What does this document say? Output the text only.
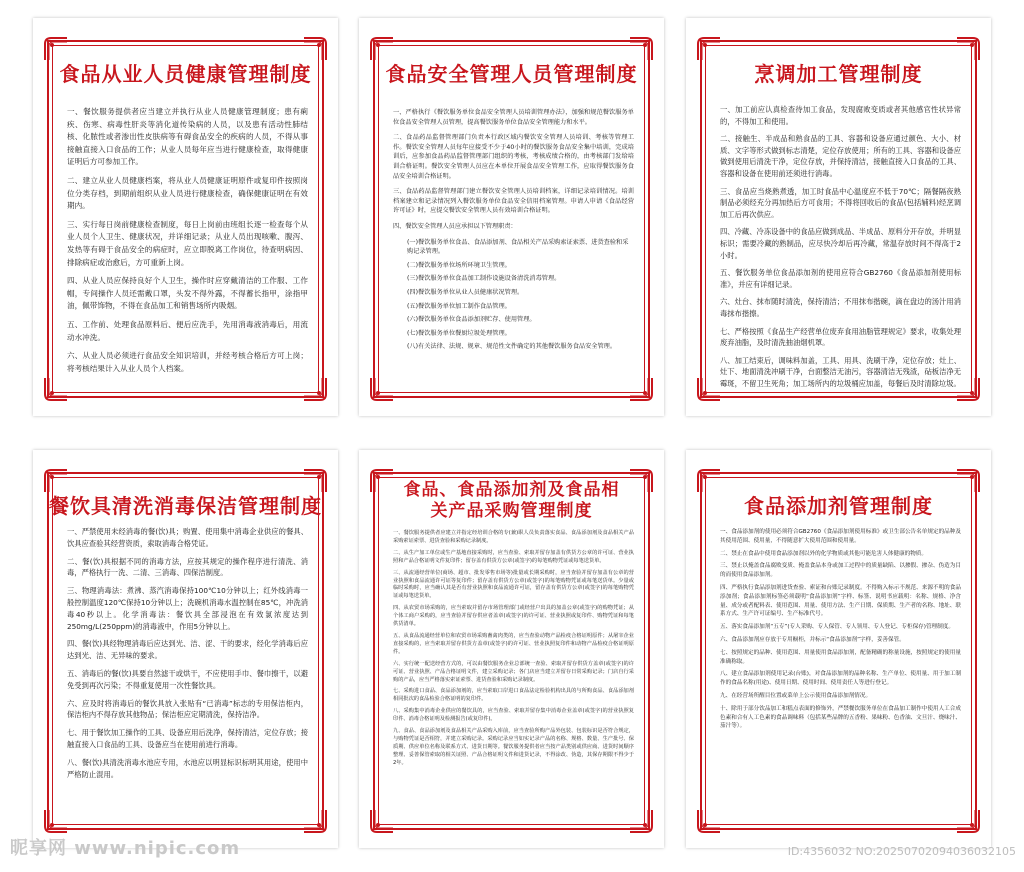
食品从业人员健康管理制度
一、餐饮服务提供者应当建立并执行从业人员健康管理制度；患有痢疾、伤寒、病毒性肝炎等消化道传染病的人员，以及患有活动性肺结核、化脓性或者渗出性皮肤病等有碍食品安全的疾病的人员，不得从事接触直接入口食品的工作；从业人员每年应当进行健康检查，取得健康证明后方可参加工作。
二、建立从业人员健康档案，将从业人员健康证明原件或复印件按照岗位分类存档，到期前组织从业人员进行健康检查，确保健康证明在有效期内。
三、实行每日岗前健康检查制度，每日上岗前由班组长逐一检查每个从业人员个人卫生、健康状况，并详细记录；从业人员出现咳嗽、腹泻、发热等有碍于食品安全的病症时，应立即脱离工作岗位，待查明病因、排除病症或治愈后，方可重新上岗。
四、从业人员应保持良好个人卫生，操作时应穿戴清洁的工作服、工作帽，专间操作人员还需戴口罩，头发不得外露，不得蓄长指甲，涂指甲油，佩带饰物，不得在食品加工和销售场所内吸烟。
五、工作前、处理食品原料后、便后应洗手，先用消毒液消毒后，用流动水冲洗。
六、从业人员必须进行食品安全知识培训，并经考核合格后方可上岗；将考核结果计入从业人员个人档案。
食品安全管理人员管理制度
一、严格执行《餐饮服务单位食品安全管理人员培训管理办法》，加强和规范餐饮服务单位食品安全管理人员管理，提高餐饮服务单位食品安全管理能力和水平。
二、食品药品监督管理部门负责本行政区域内餐饮安全管理人员培训、考核等管理工作。餐饮安全管理人员每年应接受不少于40小时的餐饮服务食品安全集中培训，完成培训后，应参加食品药品监督管理部门组织的考核，考核成绩合格的，由考核部门发给培训合格证明。餐饮安全管理人员应在本单位开展食品安全管理工作，应取得餐饮服务食品安全培训合格证明。
三、食品药品监督管理部门建立餐饮安全管理人员培训档案，详细记录培训情况。培训档案建立和记录情况列入餐饮服务单位食品安全信用档案管理。申请人申请《食品经营许可证》时，应提交餐饮安全管理人员有效培训合格证明。
四、餐饮安全管理人员应承担以下管理职责：
(一)餐饮服务单位食品、食品添加剂、食品相关产品采购索证索票、进货查验和采购记录管理。
(二)餐饮服务单位场所环境卫生管理。
(三)餐饮服务单位食品加工制作设施设备清洗消毒管理。
(四)餐饮服务单位从业人员健康状况管理。
(五)餐饮服务单位加工制作食品管理。
(六)餐饮服务单位食品添加剂贮存、使用管理。
(七)餐饮服务单位餐厨垃圾处理管理。
(八)有关法律、法规、规章、规范性文件确定的其他餐饮服务食品安全管理。
烹调加工管理制度
一、加工前应认真检查待加工食品，发现腐败变质或者其他感官性状异常的，不得加工和使用。
二、接触生、半成品和熟食品的工具、容器和设备应通过颜色、大小、材质、文字等形式做到标志清楚，定位存放使用；所有的工具、容器和设备应做到使用后清洗干净，定位存放，并保持清洁，接触直接入口食品的工具、容器和设备在使用前还须进行消毒。
三、食品应当烧熟煮透，加工时食品中心温度应不低于70℃；隔餐隔夜熟制品必须经充分再加热后方可食用；不得将回收后的食品(包括辅料)经烹调加工后再次供应。
四、冷藏、冷冻设备中的食品应做到成品、半成品、原料分开存放，并明显标识；需要冷藏的熟制品，应尽快冷却后再冷藏，常温存放时间不得高于2小时。
五、餐饮服务单位食品添加剂的使用应符合GB2760《食品添加剂使用标准》，并应有详细记录。
六、灶台、抹布随时清洗，保持清洁；不用抹布揩碗，滴在盘边的汤汁用消毒抹布揩擦。
七、严格按照《食品生产经营单位废弃食用油脂管理规定》要求，收集处理废弃油脂，及时清洗抽油烟机罩。
八、加工结束后，调味料加盖，工具、用具、洗刷干净，定位存放；灶上、灶下、地面清洗冲刷干净，台面整洁无油污，容器清洁无残渣，砧板洁净无霉斑，不留卫生死角；加工场所内的垃圾桶应加盖，每餐后及时清除垃圾。
餐饮具清洗消毒保洁管理制度
一、严禁使用未经消毒的餐(饮)具；购置、使用集中消毒企业供应的餐具、饮具应查验其经营资质，索取消毒合格凭证。
二、餐(饮)具根据不同的消毒方法，应按其规定的操作程序进行清洗、消毒，严格执行一洗、二清、三消毒、四保洁制度。
三、物理消毒法：煮沸、蒸汽消毒保持100℃10分钟以上；红外线消毒一般控制温度120℃保持10分钟以上；洗碗机消毒水温控制在85℃，冲洗消毒40秒以上。化学消毒法：餐饮具全部浸泡在有效氯浓度达到250mg/L(250ppm)的消毒液中，作用5分钟以上。
四、餐(饮)具经物理消毒后应达到光、洁、涩、干的要求，经化学消毒后应达到光、洁、无异味的要求。
五、消毒后的餐(饮)具要自然滤干或烘干，不应使用手巾、餐巾擦干，以避免受到再次污染；不得重复使用一次性餐饮具。
六、应及时将消毒后的餐饮具放入张贴有“已消毒”标志的专用保洁柜内，保洁柜内不得存放其他物品；保洁柜应定期清洗，保持洁净。
七、用于餐饮加工操作的工具、设备应用后洗净，保持清洁，定位存放；接触直接入口食品的工具、设备应当在使用前进行消毒。
八、餐(饮)具清洗消毒水池应专用，水池应以明显标识标明其用途，使用中严格防止混用。
食品、食品添加剂及食品相关产品采购管理制度
一、餐饮服务提供者应建立并指定经培训合格的专(兼)职人员负责落实食品、食品添加剂及食品相关产品采购索证索票、进货查验和采购记录制度。
二、从生产加工单位或生产基地直接采购时，应当查验、索取并留存加盖有供货方公章的许可证、营业执照和产品合格证明文件复印件；留存盖有供货方公章(或签字)的每笔购物凭证或每笔送货单。
三、从流通经营单位(商场、超市、批发零售市场等)批量或长期采购时，应当查验并留存加盖有公章的营业执照和食品流通许可证等复印件；留存盖有供货方公章(或签字)的每笔购物凭证或每笔送货单。少量或临时采购时，应当确认其是否有营业执照和食品流通许可证，留存盖有供货方公章(或签字)的每笔购物凭证或每笔送货单。
四、从农贸市场采购的，应当索取并留存市场管理部门或经营户出具的加盖公章(或签字)的购物凭证；从个体工商户采购的，应当查验并留存供应者盖章(或签字)的许可证、营业执照或复印件、购物凭证和每笔供货清单。
五、从食品流通经营单位和农贸市场采购畜禽肉类的，应当查验动物产品检疫合格证明原件；从屠宰企业直接采购的，应当索取并留存供货方盖章(或签字)的许可证、营业执照复印件和动物产品检疫合格证明原件。
六、实行统一配送经营方式的，可以由餐饮服务企业总部统一查验、索取并留存供货方盖章(或签字)的许可证、营业执照、产品合格证明文件，建立采购记录；各门店应当建立并留存日常采购记录；门店自行采购的产品，应当严格落实索证索票、进货查验和采购记录制度。
七、采购进口食品、食品添加剂的，应当索取口岸进口食品法定检验机构出具的与所购食品、食品添加剂相同批次的食品检验合格证明的复印件。
八、采购集中消毒企业供应的餐饮具的，应当查验、索取并留存集中消毒企业盖章(或签字)的营业执照复印件、消毒合格证明及检测报告(或复印件)。
九、食品、食品添加剂及食品相关产品采购入库前，应当查验所购产品外包装、包装标识是否符合规定，与购物凭证是否相符，并建立采购记录。采购记录应当如实记录产品的名称、规格、数量、生产批号、保质期、供应单位名称及联系方式、进货日期等。餐饮服务提供者应当按产品类别或供应商、进货时间顺序整理、妥善保管索取的相关证照、产品合格证明文件和进货记录，不得涂改、伪造，其保存期限不得少于2年。
食品添加剂管理制度
一、食品添加剂的使用必须符合GB2760《食品添加剂使用标准》或卫生部公告名单规定的品种及其使用范围、使用量，不得随意扩大使用范围和使用量。
二、禁止在食品中使用食品添加剂以外的化学物质或其他可能危害人体健康的物质。
三、禁止以掩盖食品腐败变质、掩盖食品本身或加工过程中的质量缺陷、以掺假、掺杂、伪造为目的而使用食品添加剂。
四、严格执行食品添加剂进货查验、索证和台账记录制度。不得购入标示不规范、来源不明的食品添加剂；食品添加剂标签必须载明“食品添加剂”字样、标签、说明书应载明：名称、规格、净含量、成分或者配料表、使用范围、用量、使用方法、生产日期、保质期、生产者的名称、地址、联系方式、生产许可证编号、生产标准代号。
五、落实食品添加剂“五专”(专人采购、专人保管、专人领用、专人登记、专柜保存)管理制度。
六、食品添加剂应存放于专用橱柜，并标示“食品添加剂”字样，妥善保管。
七、按照规定的品种、使用范围、用量使用食品添加剂，配备精确的称量设施，按照规定的使用量准确称取。
八、建立食品添加剂使用记录(台账)，对食品添加剂的品种名称、生产单位、使用量、用于加工制作的食品名称(用途)、使用日期、使用时间、使用责任人等进行登记。
九、在经营场所醒目位置或菜单上公示使用食品添加剂情况。
十、除用于部分饮品加工和糕点表面的修饰外，严禁餐饮服务单位在食品加工制作中使用人工合成色素和合有人工色素的食品调味料（包括某些品牌的五香粉、果味粉、色香油、文旦汁、烧味汁、茄汁等）。
昵享网 www.nipic.com	ID:4356032 NO:20250702094036032105
